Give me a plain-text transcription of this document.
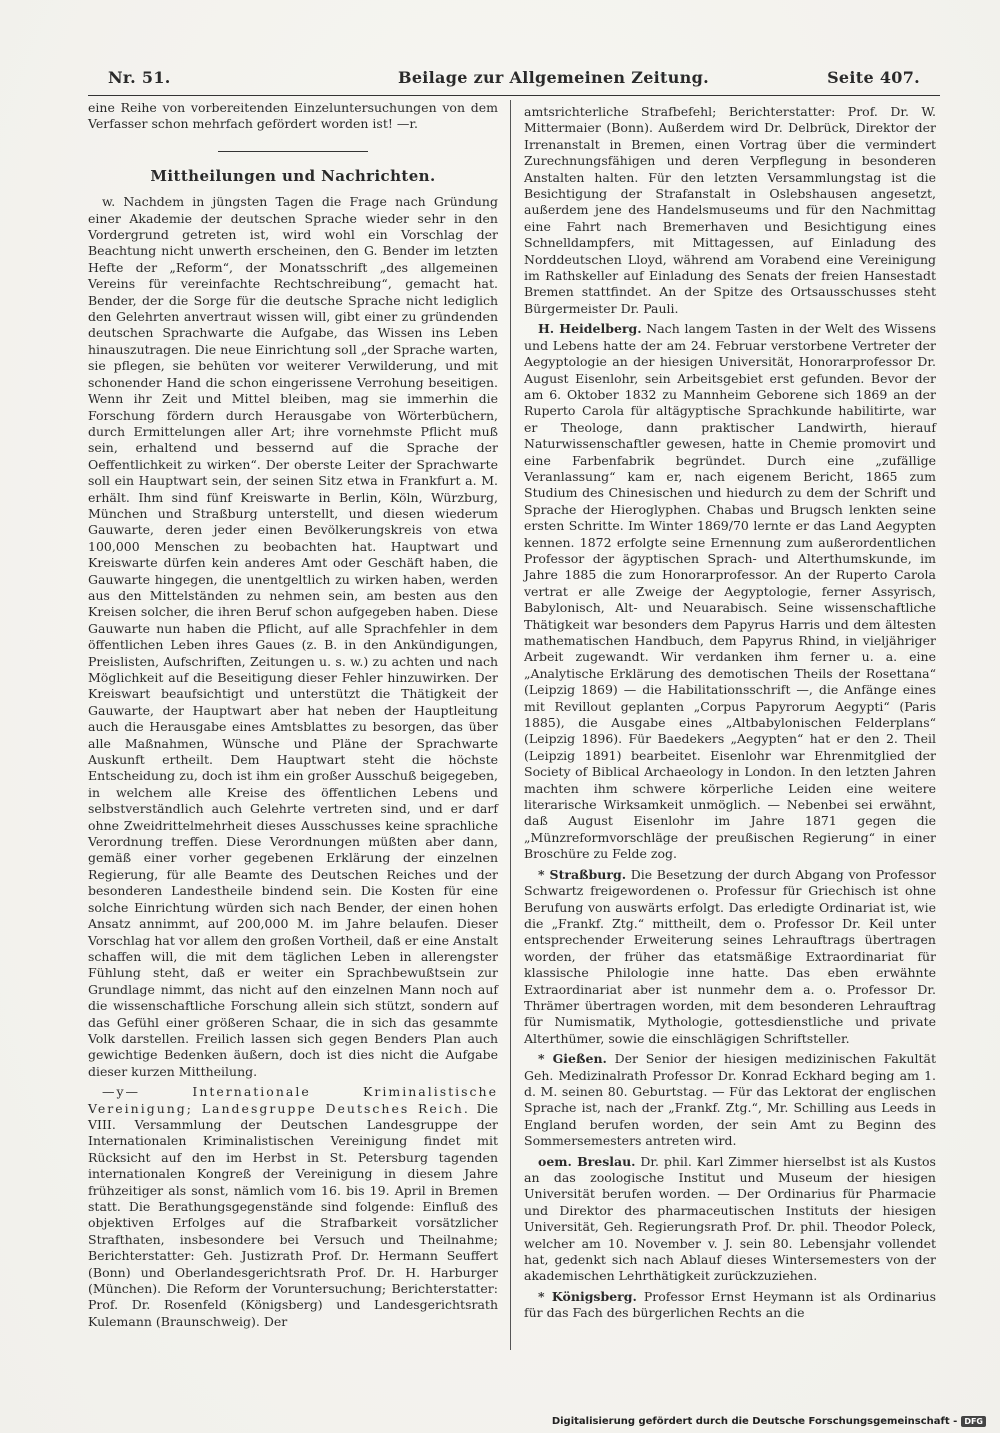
Nr. 51.	Beilage zur Allgemeinen Zeitung.	Seite 407.

eine Reihe von vorbereitenden Einzeluntersuchungen von dem Verfasser schon mehrfach gefördert worden ist! —r.

Mittheilungen und Nachrichten.

w. Nachdem in jüngsten Tagen die Frage nach Gründung einer Akademie der deutschen Sprache wieder sehr in den Vordergrund getreten ist, wird wohl ein Vorschlag der Beachtung nicht unwerth erscheinen, den G. Bender im letzten Hefte der „Reform“, der Monatsschrift „des allgemeinen Vereins für vereinfachte Rechtschreibung“, gemacht hat. Bender, der die Sorge für die deutsche Sprache nicht lediglich den Gelehrten anvertraut wissen will, gibt einer zu gründenden deutschen Sprachwarte die Aufgabe, das Wissen ins Leben hinauszutragen. Die neue Einrichtung soll „der Sprache warten, sie pflegen, sie behüten vor weiterer Verwilderung, und mit schonender Hand die schon eingerissene Verrohung beseitigen. Wenn ihr Zeit und Mittel bleiben, mag sie immerhin die Forschung fördern durch Herausgabe von Wörterbüchern, durch Ermittelungen aller Art; ihre vornehmste Pflicht muß sein, erhaltend und bessernd auf die Sprache der Oeffentlichkeit zu wirken“. Der oberste Leiter der Sprachwarte soll ein Hauptwart sein, der seinen Sitz etwa in Frankfurt a. M. erhält. Ihm sind fünf Kreiswarte in Berlin, Köln, Würzburg, München und Straßburg unterstellt, und diesen wiederum Gauwarte, deren jeder einen Bevölkerungskreis von etwa 100,000 Menschen zu beobachten hat. Hauptwart und Kreiswarte dürfen kein anderes Amt oder Geschäft haben, die Gauwarte hingegen, die unentgeltlich zu wirken haben, werden aus den Mittelständen zu nehmen sein, am besten aus den Kreisen solcher, die ihren Beruf schon aufgegeben haben. Diese Gauwarte nun haben die Pflicht, auf alle Sprachfehler in dem öffentlichen Leben ihres Gaues (z. B. in den Ankündigungen, Preislisten, Aufschriften, Zeitungen u. s. w.) zu achten und nach Möglichkeit auf die Beseitigung dieser Fehler hinzuwirken. Der Kreiswart beaufsichtigt und unterstützt die Thätigkeit der Gauwarte, der Hauptwart aber hat neben der Hauptleitung auch die Herausgabe eines Amtsblattes zu besorgen, das über alle Maßnahmen, Wünsche und Pläne der Sprachwarte Auskunft ertheilt. Dem Hauptwart steht die höchste Entscheidung zu, doch ist ihm ein großer Ausschuß beigegeben, in welchem alle Kreise des öffentlichen Lebens und selbstverständlich auch Gelehrte vertreten sind, und er darf ohne Zweidrittelmehrheit dieses Ausschusses keine sprachliche Verordnung treffen. Diese Verordnungen müßten aber dann, gemäß einer vorher gegebenen Erklärung der einzelnen Regierung, für alle Beamte des Deutschen Reiches und der besonderen Landestheile bindend sein. Die Kosten für eine solche Einrichtung würden sich nach Bender, der einen hohen Ansatz annimmt, auf 200,000 M. im Jahre belaufen. Dieser Vorschlag hat vor allem den großen Vortheil, daß er eine Anstalt schaffen will, die mit dem täglichen Leben in allerengster Fühlung steht, daß er weiter ein Sprachbewußtsein zur Grundlage nimmt, das nicht auf den einzelnen Mann noch auf die wissenschaftliche Forschung allein sich stützt, sondern auf das Gefühl einer größeren Schaar, die in sich das gesammte Volk darstellen. Freilich lassen sich gegen Benders Plan auch gewichtige Bedenken äußern, doch ist dies nicht die Aufgabe dieser kurzen Mittheilung.

—y— Internationale Kriminalistische Vereinigung; Landesgruppe Deutsches Reich. Die VIII. Versammlung der Deutschen Landesgruppe der Internationalen Kriminalistischen Vereinigung findet mit Rücksicht auf den im Herbst in St. Petersburg tagenden internationalen Kongreß der Vereinigung in diesem Jahre frühzeitiger als sonst, nämlich vom 16. bis 19. April in Bremen statt. Die Berathungsgegenstände sind folgende: Einfluß des objektiven Erfolges auf die Strafbarkeit vorsätzlicher Strafthaten, insbesondere bei Versuch und Theilnahme; Berichterstatter: Geh. Justizrath Prof. Dr. Hermann Seuffert (Bonn) und Oberlandesgerichtsrath Prof. Dr. H. Harburger (München). Die Reform der Voruntersuchung; Berichterstatter: Prof. Dr. Rosenfeld (Königsberg) und Landesgerichtsrath Kulemann (Braunschweig). Der

amtsrichterliche Strafbefehl; Berichterstatter: Prof. Dr. W. Mittermaier (Bonn). Außerdem wird Dr. Delbrück, Direktor der Irrenanstalt in Bremen, einen Vortrag über die vermindert Zurechnungsfähigen und deren Verpflegung in besonderen Anstalten halten. Für den letzten Versammlungstag ist die Besichtigung der Strafanstalt in Oslebshausen angesetzt, außerdem jene des Handelsmuseums und für den Nachmittag eine Fahrt nach Bremerhaven und Besichtigung eines Schnelldampfers, mit Mittagessen, auf Einladung des Norddeutschen Lloyd, während am Vorabend eine Vereinigung im Rathskeller auf Einladung des Senats der freien Hansestadt Bremen stattfindet. An der Spitze des Ortsausschusses steht Bürgermeister Dr. Pauli.

H. Heidelberg. Nach langem Tasten in der Welt des Wissens und Lebens hatte der am 24. Februar verstorbene Vertreter der Aegyptologie an der hiesigen Universität, Honorarprofessor Dr. August Eisenlohr, sein Arbeitsgebiet erst gefunden. Bevor der am 6. Oktober 1832 zu Mannheim Geborene sich 1869 an der Ruperto Carola für altägyptische Sprachkunde habilitirte, war er Theologe, dann praktischer Landwirth, hierauf Naturwissenschaftler gewesen, hatte in Chemie promovirt und eine Farbenfabrik begründet. Durch eine „zufällige Veranlassung“ kam er, nach eigenem Bericht, 1865 zum Studium des Chinesischen und hiedurch zu dem der Schrift und Sprache der Hieroglyphen. Chabas und Brugsch lenkten seine ersten Schritte. Im Winter 1869/70 lernte er das Land Aegypten kennen. 1872 erfolgte seine Ernennung zum außerordentlichen Professor der ägyptischen Sprach- und Alterthumskunde, im Jahre 1885 die zum Honorarprofessor. An der Ruperto Carola vertrat er alle Zweige der Aegyptologie, ferner Assyrisch, Babylonisch, Alt- und Neuarabisch. Seine wissenschaftliche Thätigkeit war besonders dem Papyrus Harris und dem ältesten mathematischen Handbuch, dem Papyrus Rhind, in vieljähriger Arbeit zugewandt. Wir verdanken ihm ferner u. a. eine „Analytische Erklärung des demotischen Theils der Rosettana“ (Leipzig 1869) — die Habilitationsschrift —, die Anfänge eines mit Revillout geplanten „Corpus Papyrorum Aegypti“ (Paris 1885), die Ausgabe eines „Altbabylonischen Felderplans“ (Leipzig 1896). Für Baedekers „Aegypten“ hat er den 2. Theil (Leipzig 1891) bearbeitet. Eisenlohr war Ehrenmitglied der Society of Biblical Archaeology in London. In den letzten Jahren machten ihm schwere körperliche Leiden eine weitere literarische Wirksamkeit unmöglich. — Nebenbei sei erwähnt, daß August Eisenlohr im Jahre 1871 gegen die „Münzreformvorschläge der preußischen Regierung“ in einer Broschüre zu Felde zog.

* Straßburg. Die Besetzung der durch Abgang von Professor Schwartz freigewordenen o. Professur für Griechisch ist ohne Berufung von auswärts erfolgt. Das erledigte Ordinariat ist, wie die „Frankf. Ztg.“ mittheilt, dem o. Professor Dr. Keil unter entsprechender Erweiterung seines Lehrauftrags übertragen worden, der früher das etatsmäßige Extraordinariat für klassische Philologie inne hatte. Das eben erwähnte Extraordinariat aber ist nunmehr dem a. o. Professor Dr. Thrämer übertragen worden, mit dem besonderen Lehrauftrag für Numismatik, Mythologie, gottesdienstliche und private Alterthümer, sowie die einschlägigen Schriftsteller.

* Gießen. Der Senior der hiesigen medizinischen Fakultät Geh. Medizinalrath Professor Dr. Konrad Eckhard beging am 1. d. M. seinen 80. Geburtstag. — Für das Lektorat der englischen Sprache ist, nach der „Frankf. Ztg.“, Mr. Schilling aus Leeds in England berufen worden, der sein Amt zu Beginn des Sommersemesters antreten wird.

oem. Breslau. Dr. phil. Karl Zimmer hierselbst ist als Kustos an das zoologische Institut und Museum der hiesigen Universität berufen worden. — Der Ordinarius für Pharmacie und Direktor des pharmaceutischen Instituts der hiesigen Universität, Geh. Regierungsrath Prof. Dr. phil. Theodor Poleck, welcher am 10. November v. J. sein 80. Lebensjahr vollendet hat, gedenkt sich nach Ablauf dieses Wintersemesters von der akademischen Lehrthätigkeit zurückzuziehen.

* Königsberg. Professor Ernst Heymann ist als Ordinarius für das Fach des bürgerlichen Rechts an die

Digitalisierung gefördert durch die Deutsche Forschungsgemeinschaft - DFG
